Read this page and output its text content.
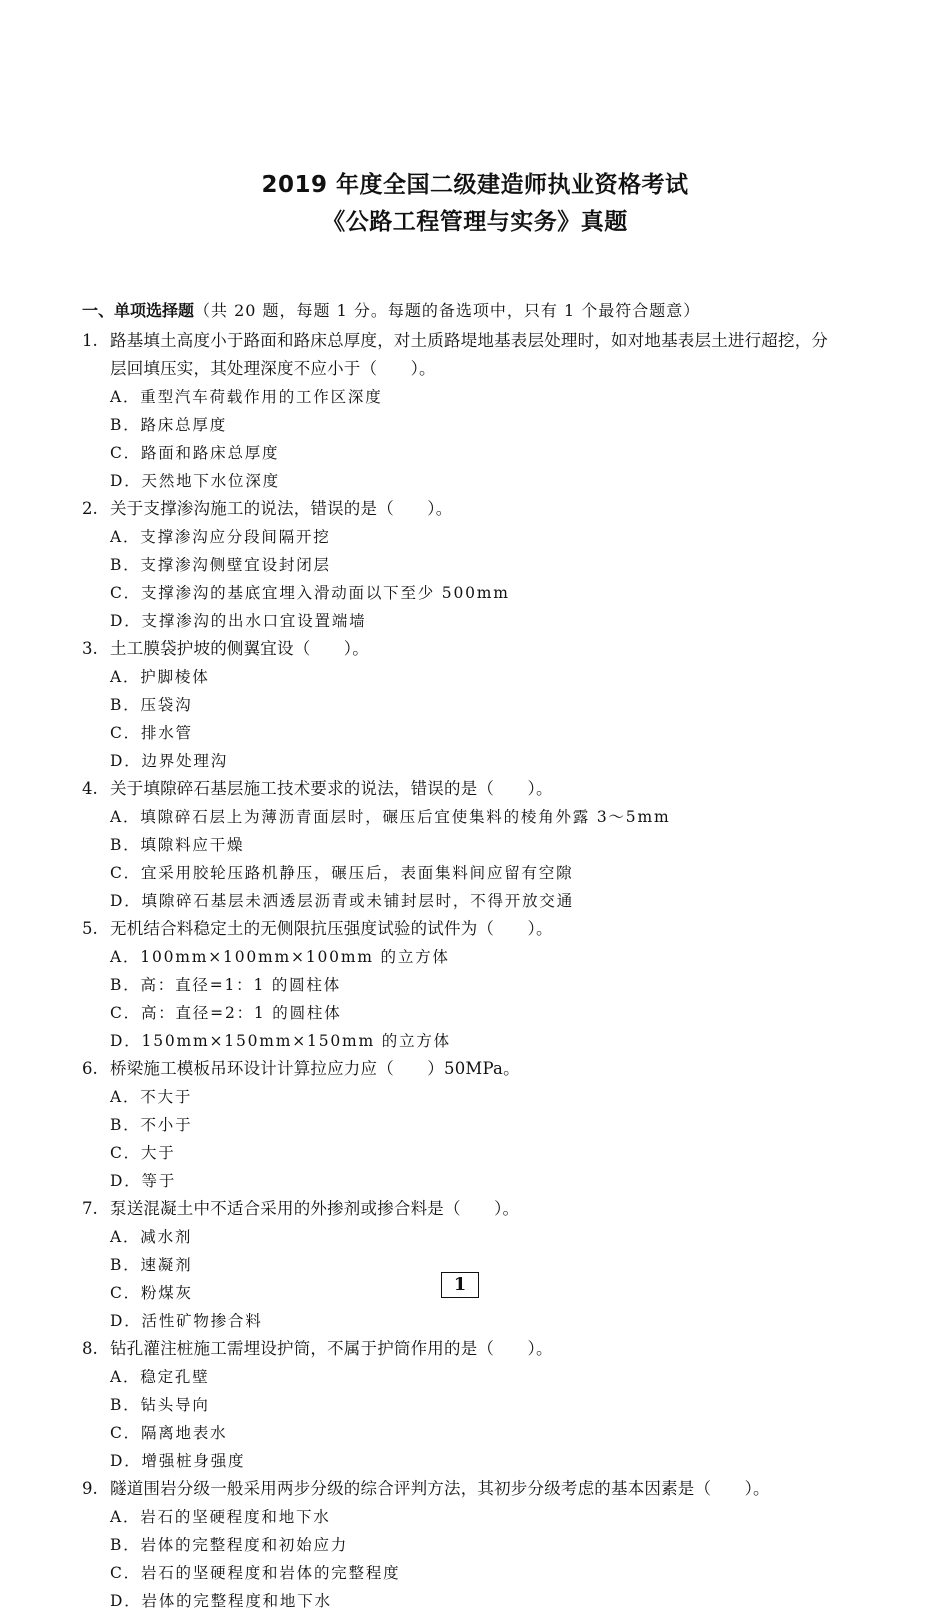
2019 年度全国二级建造师执业资格考试
《公路工程管理与实务》真题
一、单项选择题（共 20 题，每题 1 分。每题的备选项中，只有 1 个最符合题意）
1. 路基填土高度小于路面和路床总厚度，对土质路堤地基表层处理时，如对地基表层土进行超挖，分层回填压实，其处理深度不应小于（　　）。
A．重型汽车荷载作用的工作区深度
B．路床总厚度
C．路面和路床总厚度
D．天然地下水位深度
2. 关于支撑渗沟施工的说法，错误的是（　　）。
A．支撑渗沟应分段间隔开挖
B．支撑渗沟侧壁宜设封闭层
C．支撑渗沟的基底宜埋入滑动面以下至少 500mm
D．支撑渗沟的出水口宜设置端墙
3. 土工膜袋护坡的侧翼宜设（　　）。
A．护脚棱体
B．压袋沟
C．排水管
D．边界处理沟
4. 关于填隙碎石基层施工技术要求的说法，错误的是（　　）。
A．填隙碎石层上为薄沥青面层时，碾压后宜使集料的棱角外露 3～5mm
B．填隙料应干燥
C．宜采用胶轮压路机静压，碾压后，表面集料间应留有空隙
D．填隙碎石基层未洒透层沥青或未铺封层时，不得开放交通
5. 无机结合料稳定土的无侧限抗压强度试验的试件为（　　）。
A．100mm×100mm×100mm 的立方体
B．高：直径=1：1 的圆柱体
C．高：直径=2：1 的圆柱体
D．150mm×150mm×150mm 的立方体
6. 桥梁施工模板吊环设计计算拉应力应（　　）50MPa。
A．不大于
B．不小于
C．大于
D．等于
7. 泵送混凝土中不适合采用的外掺剂或掺合料是（　　）。
A．减水剂
B．速凝剂
C．粉煤灰
D．活性矿物掺合料
8. 钻孔灌注桩施工需埋设护筒，不属于护筒作用的是（　　）。
A．稳定孔壁
B．钻头导向
C．隔离地表水
D．增强桩身强度
9. 隧道围岩分级一般采用两步分级的综合评判方法，其初步分级考虑的基本因素是（　　）。
A．岩石的坚硬程度和地下水
B．岩体的完整程度和初始应力
C．岩石的坚硬程度和岩体的完整程度
D．岩体的完整程度和地下水
1
